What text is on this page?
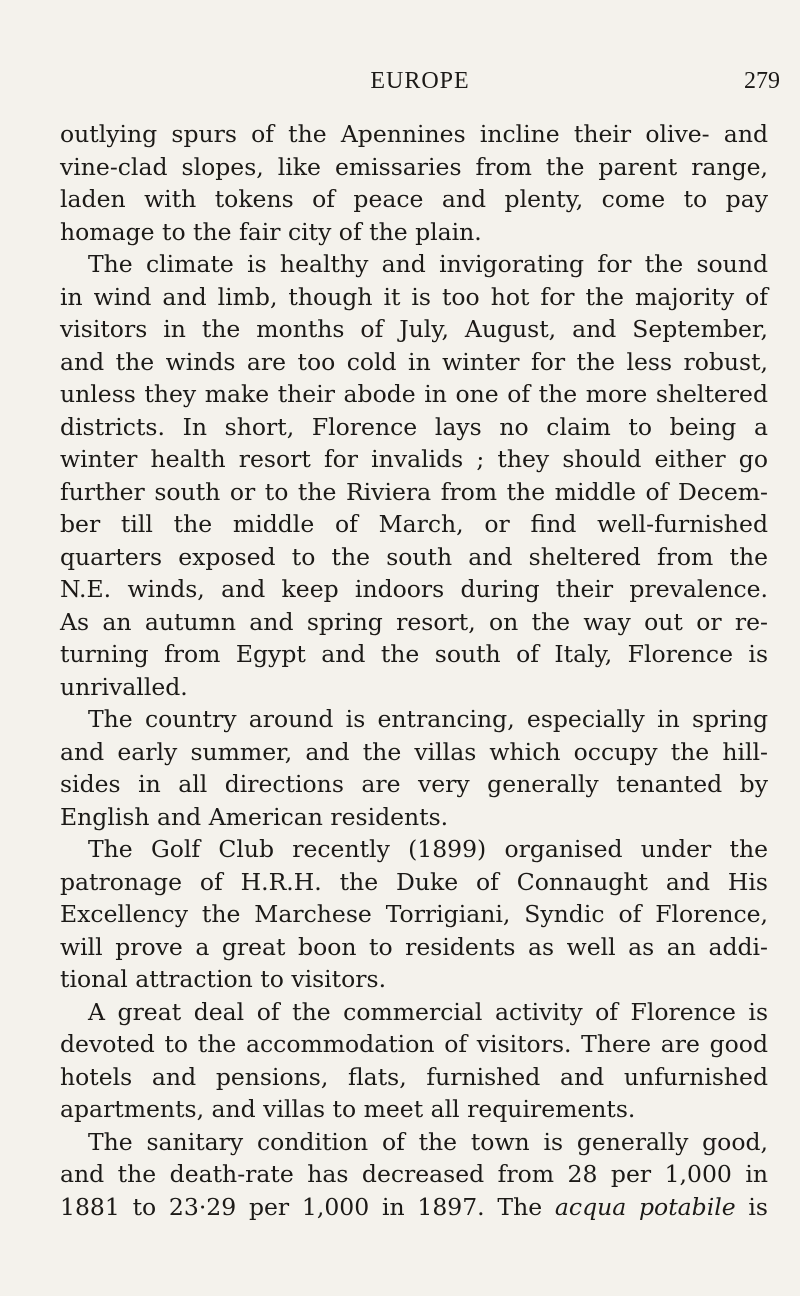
EUROPE	279
outlying spurs of the Apennines incline their olive- and
vine-clad slopes, like emissaries from the parent range,
laden with tokens of peace and plenty, come to pay
homage to the fair city of the plain.
The climate is healthy and invigorating for the sound
in wind and limb, though it is too hot for the majority of
visitors in the months of July, August, and September,
and the winds are too cold in winter for the less robust,
unless they make their abode in one of the more sheltered
districts. In short, Florence lays no claim to being a
winter health resort for invalids ; they should either go
further south or to the Riviera from the middle of Decem-
ber till the middle of March, or find well-furnished
quarters exposed to the south and sheltered from the
N.E. winds, and keep indoors during their prevalence.
As an autumn and spring resort, on the way out or re-
turning from Egypt and the south of Italy, Florence is
unrivalled.
The country around is entrancing, especially in spring
and early summer, and the villas which occupy the hill-
sides in all directions are very generally tenanted by
English and American residents.
The Golf Club recently (1899) organised under the
patronage of H.R.H. the Duke of Connaught and His
Excellency the Marchese Torrigiani, Syndic of Florence,
will prove a great boon to residents as well as an addi-
tional attraction to visitors.
A great deal of the commercial activity of Florence is
devoted to the accommodation of visitors. There are good
hotels and pensions, flats, furnished and unfurnished
apartments, and villas to meet all requirements.
The sanitary condition of the town is generally good,
and the death-rate has decreased from 28 per 1,000 in
1881 to 23·29 per 1,000 in 1897. The acqua potabile is
